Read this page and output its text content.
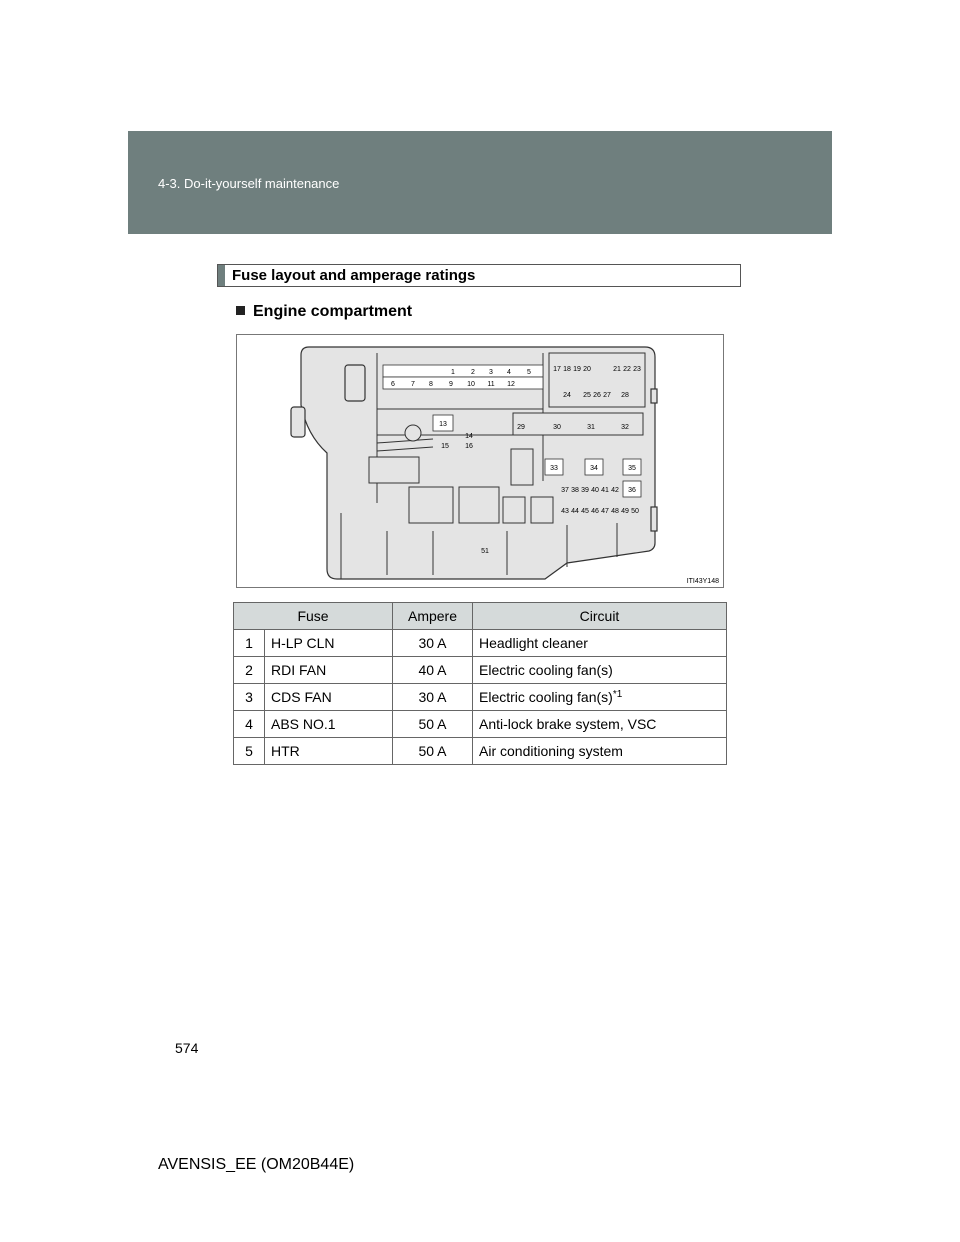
4-3. Do-it-yourself maintenance
Fuse layout and amperage ratings
Engine compartment
1 2 3 4 5
6 7 8 9 10 11 12
13
14
15 16
17 18 19 20	21 22 23
24 25 26 27 28
29	30	31	32
33	34	35
36
37 38 39 40 41 42
43 44 45 46 47 48 49 50
51
ITI43Y148
Fuse		Ampere	Circuit
1	H-LP CLN	30 A	Headlight cleaner
2	RDI FAN	40 A	Electric cooling fan(s)
3	CDS FAN	30 A	Electric cooling $fan(s)^{*1}$
4	ABS NO.1	50 A	Anti-lock brake system, VSC
5	HTR	50 A	Air conditioning system
574
AVENSIS_EE (OM20B44E)
